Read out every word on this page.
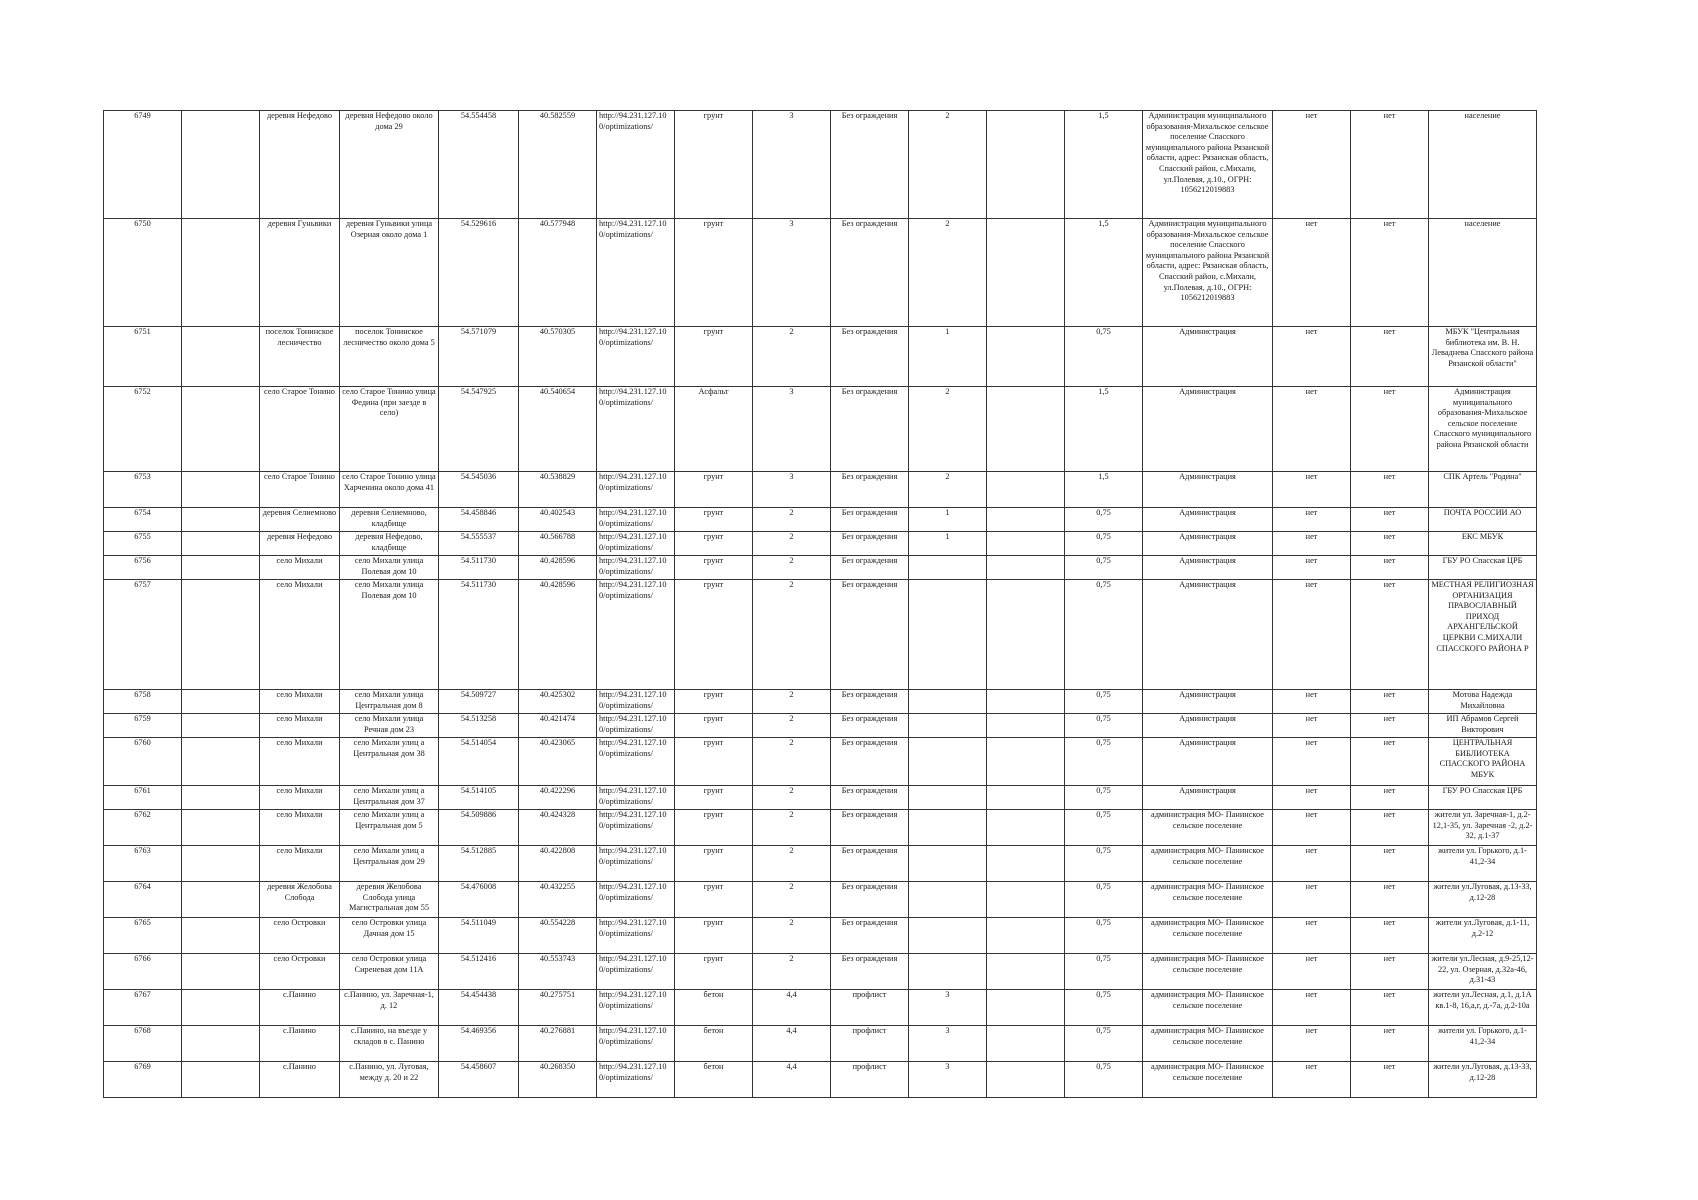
6749		деревня Нефедово	деревня Нефедово около дома 29	54.554458	40.582559	http://94.231.127.10 0/optimizations/	грунт	3	Без ограждения	2		1,5	Администрация муниципального образования-Михальское сельское поселение Спасского муниципального района Рязанской области, адрес: Рязанская область, Спасский район, с.Михали, ул.Полевая, д.10., ОГРН: 1056212019883	нет	нет	население
6750		деревня Гуньвики	деревня Гуньвики улица Озерная около дома 1	54.529616	40.577948	http://94.231.127.10 0/optimizations/	грунт	3	Без ограждения	2		1,5	Администрация муниципального образования-Михальское сельское поселение Спасского муниципального района Рязанской области, адрес: Рязанская область, Спасский район, с.Михали, ул.Полевая, д.10., ОГРН: 1056212019883	нет	нет	население
6751		поселок Тонинское лесничество	поселок Тонинское лесничество около дома 5	54.571079	40.570305	http://94.231.127.10 0/optimizations/	грунт	2	Без ограждения	1		0,75	Администрация	нет	нет	МБУК "Центральная библиотека им. В. Н. Леваднева Спасского района Рязанской области"
6752		село Старое Тонино	село Старое Тонино улица Федина (при заезде в село)	54.547925	40.540654	http://94.231.127.10 0/optimizations/	Асфальт	3	Без ограждения	2		1,5	Администрация	нет	нет	Администрация муниципального образования-Михальское сельское поселение Спасского муниципального района Рязанской области
6753		село Старое Тонино	село Старое Тонино улица Харченина около дома 41	54.545036	40.538829	http://94.231.127.10 0/optimizations/	грунт	3	Без ограждения	2		1,5	Администрация	нет	нет	СПК Артель "Родина"
6754		деревня Селиемново	деревня Селиемново, кладбище	54.458846	40.402543	http://94.231.127.10 0/optimizations/	грунт	2	Без ограждения	1		0,75	Администрация	нет	нет	ПОЧТА РОССИИ АО
6755		деревня Нефедово	деревня Нефедово, кладбище	54.555537	40.566788	http://94.231.127.10 0/optimizations/	грунт	2	Без ограждения	1		0,75	Администрация	нет	нет	ЕКС МБУК
6756		село Михали	село Михали улица Полевая дом 10	54.511730	40.428596	http://94.231.127.10 0/optimizations/	грунт	2	Без ограждения			0,75	Администрация	нет	нет	ГБУ РО Спасская ЦРБ
6757		село Михали	село Михали улица Полевая дом 10	54.511730	40.428596	http://94.231.127.10 0/optimizations/	грунт	2	Без ограждения			0,75	Администрация	нет	нет	МЕСТНАЯ РЕЛИГИОЗНАЯ ОРГАНИЗАЦИЯ ПРАВОСЛАВНЫЙ ПРИХОД АРХАНГЕЛЬСКОЙ ЦЕРКВИ С.МИХАЛИ СПАССКОГО РАЙОНА Р
6758		село Михали	село Михали улица Центральная дом 8	54.509727	40.425302	http://94.231.127.10 0/optimizations/	грунт	2	Без ограждения			0,75	Администрация	нет	нет	Мотова Надежда Михайловна
6759		село Михали	село Михали улица Речная дом 23	54.513258	40.421474	http://94.231.127.10 0/optimizations/	грунт	2	Без ограждения			0,75	Администрация	нет	нет	ИП Абрамов Сергей Викторович
6760		село Михали	село Михали улиц а Центральная дом 38	54.514054	40.423065	http://94.231.127.10 0/optimizations/	грунт	2	Без ограждения			0,75	Администрация	нет	нет	ЦЕНТРАЛЬНАЯ БИБЛИОТЕКА СПАССКОГО РАЙОНА МБУК
6761		село Михали	село Михали улиц а Центральная дом 37	54.514105	40.422296	http://94.231.127.10 0/optimizations/	грунт	2	Без ограждения			0,75	Администрация	нет	нет	ГБУ РО Спасская ЦРБ
6762		село Михали	село Михали улиц а Центральная дом 5	54.509886	40.424328	http://94.231.127.10 0/optimizations/	грунт	2	Без ограждения			0,75	администрация МО- Панинское сельское поселение	нет	нет	жители ул. Заречная-1, д.2-12,1-35, ул. Заречная -2, д.2-32, д.1-37
6763		село Михали	село Михали улиц а Центральная дом 29	54.512885	40.422808	http://94.231.127.10 0/optimizations/	грунт	2	Без ограждения			0,75	администрация МО- Панинское сельское поселение	нет	нет	жители ул. Горького, д.1-41,2-34
6764		деревня Желобова Слобода	деревня Желобова Слобода улица Магистральная дом 55	54.476008	40.432255	http://94.231.127.10 0/optimizations/	грунт	2	Без ограждения			0,75	администрация МО- Панинское сельское поселение	нет	нет	жители ул.Луговая, д.13-33, д.12-28
6765		село Островки	село Островки улица Дачная дом 15	54.511049	40.554228	http://94.231.127.10 0/optimizations/	грунт	2	Без ограждения			0,75	администрация МО- Панинское сельское поселение	нет	нет	жители ул.Луговая, д.1-11, д.2-12
6766		село Островки	село Островки улица Сиреневая дом 11А	54.512416	40.553743	http://94.231.127.10 0/optimizations/	грунт	2	Без ограждения			0,75	администрация МО- Панинское сельское поселение	нет	нет	жители ул.Лесная, д.9-25,12-22, ул. Озерная, д.32а-46, д.31-43
6767		с.Панино	с.Панино, ул. Заречная-1, д. 12	54.454438	40.275751	http://94.231.127.10 0/optimizations/	бетон	4,4	профлист	3		0,75	администрация МО- Панинское сельское поселение	нет	нет	жители ул.Лесная, д.1, д.1А кв.1-8, 16,а,г, д.-7а, д.2-10а
6768		с.Панино	с.Панино, на въезде у складов в с. Панино	54.469356	40.276881	http://94.231.127.10 0/optimizations/	бетон	4,4	профлист	3		0,75	администрация МО- Панинское сельское поселение	нет	нет	жители ул. Горького, д.1-41,2-34
6769		с.Панино	с.Панино, ул. Луговая, между д. 20 и 22	54.458607	40.268350	http://94.231.127.10 0/optimizations/	бетон	4,4	профлист	3		0,75	администрация МО- Панинское сельское поселение	нет	нет	жители ул.Луговая, д.13-33, д.12-28
